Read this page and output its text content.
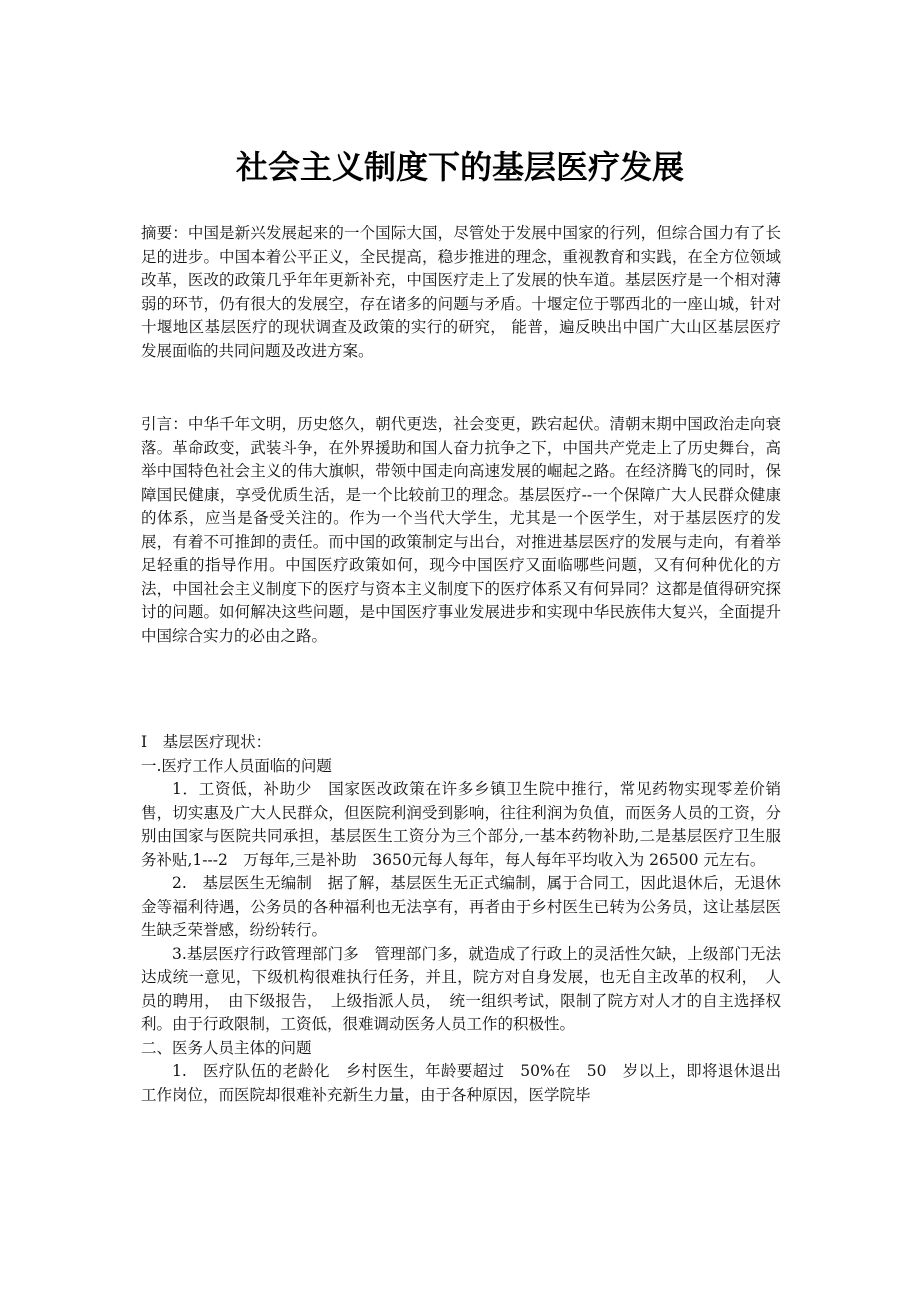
社会主义制度下的基层医疗发展

摘要：中国是新兴发展起来的一个国际大国，尽管处于发展中国家的行列，但综合国力有了长足的进步。中国本着公平正义，全民提高，稳步推进的理念，重视教育和实践，在全方位领域改革，医改的政策几乎年年更新补充，中国医疗走上了发展的快车道。基层医疗是一个相对薄弱的环节，仍有很大的发展空，存在诸多的问题与矛盾。十堰定位于鄂西北的一座山城，针对十堰地区基层医疗的现状调查及政策的实行的研究， 能普，遍反映出中国广大山区基层医疗发展面临的共同问题及改进方案。

引言：中华千年文明，历史悠久，朝代更迭，社会变更，跌宕起伏。清朝末期中国政治走向衰落。革命政变，武装斗争，在外界援助和国人奋力抗争之下，中国共产党走上了历史舞台，高举中国特色社会主义的伟大旗帜，带领中国走向高速发展的崛起之路。在经济腾飞的同时，保障国民健康，享受优质生活，是一个比较前卫的理念。基层医疗--一个保障广大人民群众健康的体系，应当是备受关注的。作为一个当代大学生，尤其是一个医学生，对于基层医疗的发展，有着不可推卸的责任。而中国的政策制定与出台，对推进基层医疗的发展与走向，有着举足轻重的指导作用。中国医疗政策如何，现今中国医疗又面临哪些问题，又有何种优化的方法，中国社会主义制度下的医疗与资本主义制度下的医疗体系又有何异同？这都是值得研究探讨的问题。如何解决这些问题，是中国医疗事业发展进步和实现中华民族伟大复兴，全面提升中国综合实力的必由之路。

Ⅰ　基层医疗现状：

一.医疗工作人员面临的问题

1．工资低，补助少　国家医改政策在许多乡镇卫生院中推行，常见药物实现零差价销售，切实惠及广大人民群众，但医院利润受到影响，往往利润为负值，而医务人员的工资，分别由国家与医院共同承担，基层医生工资分为三个部分,一基本药物补助,二是基层医疗卫生服务补贴,1---2　万每年,三是补助　3650元每人每年，每人每年平均收入为 26500 元左右。

2.　基层医生无编制　据了解，基层医生无正式编制，属于合同工，因此退休后，无退休金等福利待遇，公务员的各种福利也无法享有，再者由于乡村医生已转为公务员，这让基层医生缺乏荣誉感，纷纷转行。

3.基层医疗行政管理部门多　管理部门多，就造成了行政上的灵活性欠缺，上级部门无法达成统一意见，下级机构很难执行任务，并且，院方对自身发展，也无自主改革的权利，　人员的聘用，　由下级报告，　上级指派人员，　统一组织考试，限制了院方对人才的自主选择权利。由于行政限制，工资低，很难调动医务人员工作的积极性。

二、医务人员主体的问题

1.　医疗队伍的老龄化　乡村医生，年龄要超过　50%在　50　岁以上，即将退休退出工作岗位，而医院却很难补充新生力量，由于各种原因，医学院毕
